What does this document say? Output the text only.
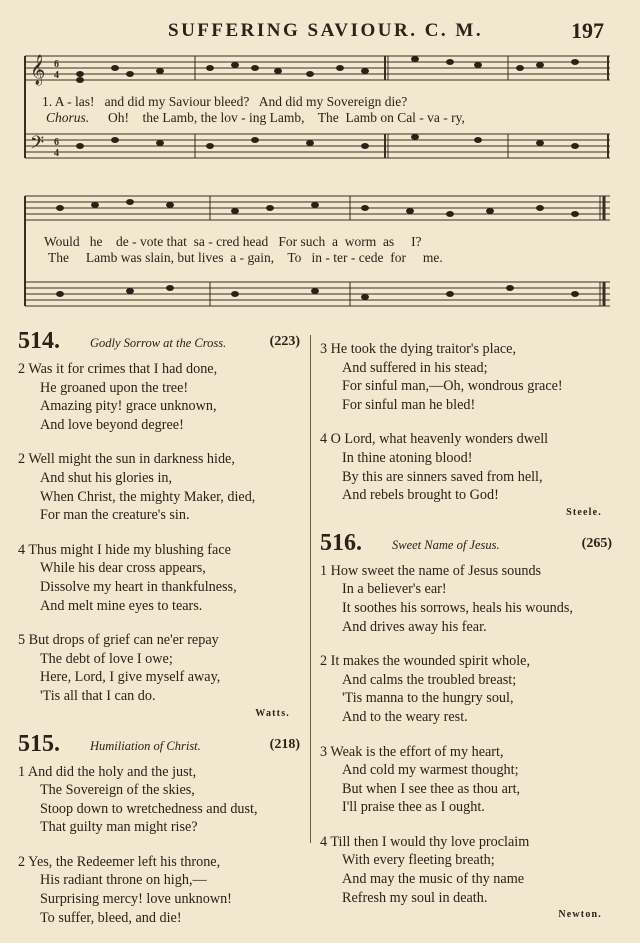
SUFFERING SAVIOUR. C. M.	197
𝄞
𝄢
6
4
6
4
1. A - las!   and did my Saviour bleed?   And did my Sovereign die?
Chorus. Oh!    the Lamb, the lov - ing Lamb,    The  Lamb on Cal - va - ry,
Would   he    de - vote that  sa - cred head   For such  a  worm  as     I?
The     Lamb was slain, but lives  a - gain,    To   in - ter - cede  for     me.
514. Godly Sorrow at the Cross.	(223)
2 Was it for crimes that I had done,
He groaned upon the tree!
Amazing pity! grace unknown,
And love beyond degree!
2 Well might the sun in darkness hide,
And shut his glories in,
When Christ, the mighty Maker, died,
For man the creature's sin.
4 Thus might I hide my blushing face
While his dear cross appears,
Dissolve my heart in thankfulness,
And melt mine eyes to tears.
5 But drops of grief can ne'er repay
The debt of love I owe;
Here, Lord, I give myself away,
'Tis all that I can do.
Watts.
515. Humiliation of Christ.	(218)
1 And did the holy and the just,
The Sovereign of the skies,
Stoop down to wretchedness and dust,
That guilty man might rise?
2 Yes, the Redeemer left his throne,
His radiant throne on high,—
Surprising mercy! love unknown!
To suffer, bleed, and die!
3 He took the dying traitor's place,
And suffered in his stead;
For sinful man,—Oh, wondrous grace!
For sinful man he bled!
4 O Lord, what heavenly wonders dwell
In thine atoning blood!
By this are sinners saved from hell,
And rebels brought to God!
Steele.
516. Sweet Name of Jesus.	(265)
1 How sweet the name of Jesus sounds
In a believer's ear!
It soothes his sorrows, heals his wounds,
And drives away his fear.
2 It makes the wounded spirit whole,
And calms the troubled breast;
'Tis manna to the hungry soul,
And to the weary rest.
3 Weak is the effort of my heart,
And cold my warmest thought;
But when I see thee as thou art,
I'll praise thee as I ought.
4 Till then I would thy love proclaim
With every fleeting breath;
And may the music of thy name
Refresh my soul in death.
Newton.
